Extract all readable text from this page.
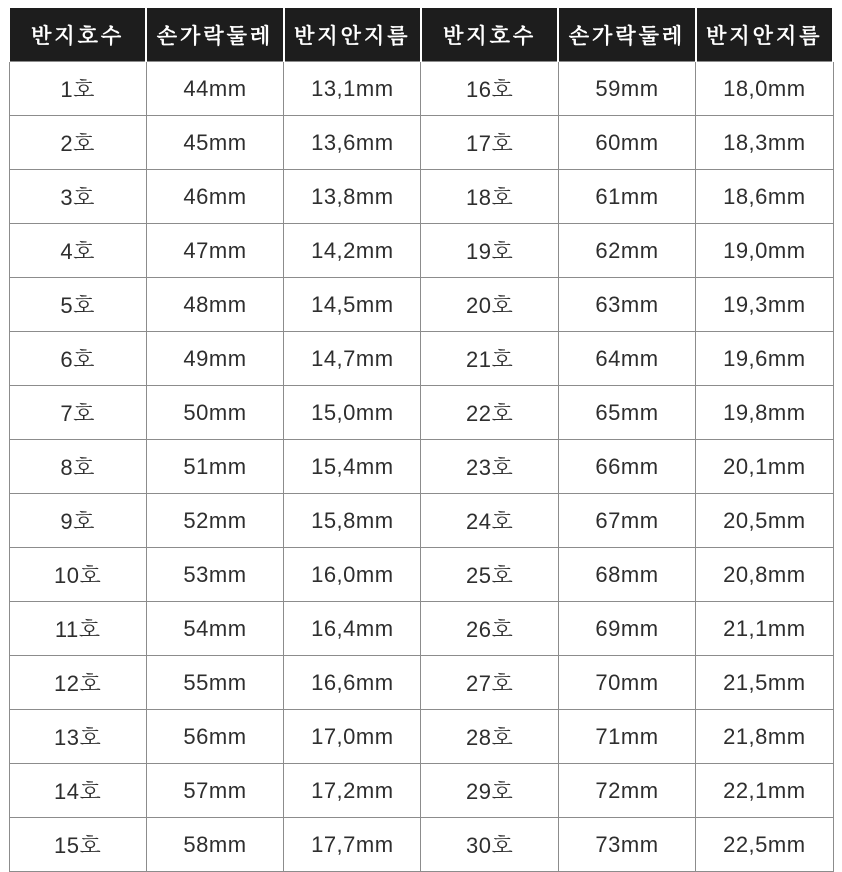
반지호수	손가락둘레	반지안지름	반지호수	손가락둘레	반지안지름
1호	44mm	13,1mm	16호	59mm	18,0mm
2호	45mm	13,6mm	17호	60mm	18,3mm
3호	46mm	13,8mm	18호	61mm	18,6mm
4호	47mm	14,2mm	19호	62mm	19,0mm
5호	48mm	14,5mm	20호	63mm	19,3mm
6호	49mm	14,7mm	21호	64mm	19,6mm
7호	50mm	15,0mm	22호	65mm	19,8mm
8호	51mm	15,4mm	23호	66mm	20,1mm
9호	52mm	15,8mm	24호	67mm	20,5mm
10호	53mm	16,0mm	25호	68mm	20,8mm
11호	54mm	16,4mm	26호	69mm	21,1mm
12호	55mm	16,6mm	27호	70mm	21,5mm
13호	56mm	17,0mm	28호	71mm	21,8mm
14호	57mm	17,2mm	29호	72mm	22,1mm
15호	58mm	17,7mm	30호	73mm	22,5mm
